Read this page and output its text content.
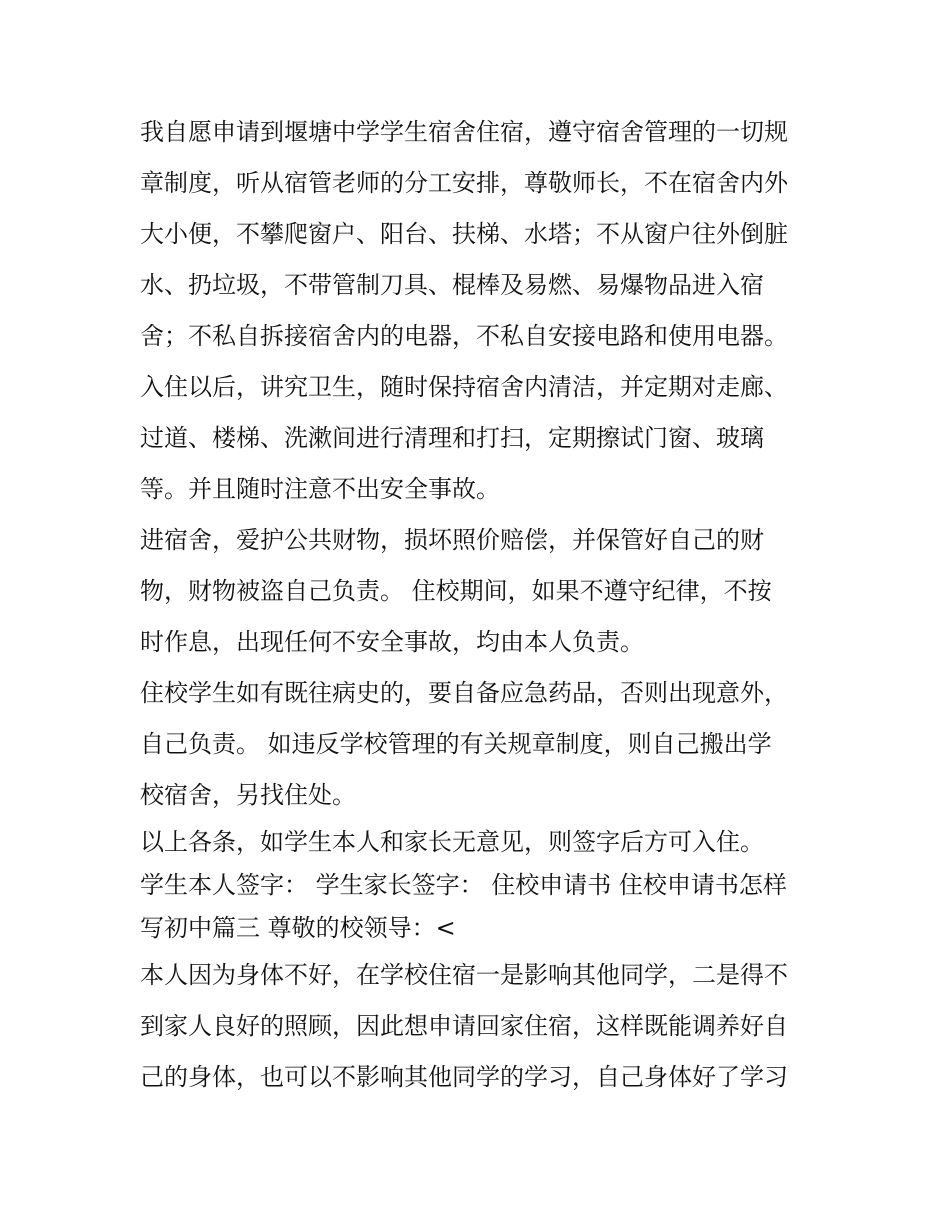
我自愿申请到堰塘中学学生宿舍住宿，遵守宿舍管理的一切规
章制度，听从宿管老师的分工安排，尊敬师长，不在宿舍内外
大小便，不攀爬窗户、阳台、扶梯、水塔；不从窗户往外倒脏
水、扔垃圾，不带管制刀具、棍棒及易燃、易爆物品进入宿
舍；不私自拆接宿舍内的电器，不私自安接电路和使用电器。
入住以后，讲究卫生，随时保持宿舍内清洁，并定期对走廊、
过道、楼梯、洗漱间进行清理和打扫，定期擦试门窗、玻璃
等。并且随时注意不出安全事故。
进宿舍，爱护公共财物，损坏照价赔偿，并保管好自己的财
物，财物被盗自己负责。 住校期间，如果不遵守纪律，不按
时作息，出现任何不安全事故，均由本人负责。
住校学生如有既往病史的，要自备应急药品，否则出现意外，
自己负责。 如违反学校管理的有关规章制度，则自己搬出学
校宿舍，另找住处。
以上各条，如学生本人和家长无意见，则签字后方可入住。
学生本人签字： 学生家长签字： 住校申请书 住校申请书怎样
写初中篇三 尊敬的校领导：<
本人因为身体不好，在学校住宿一是影响其他同学，二是得不
到家人良好的照顾，因此想申请回家住宿，这样既能调养好自
己的身体，也可以不影响其他同学的学习，自己身体好了学习
